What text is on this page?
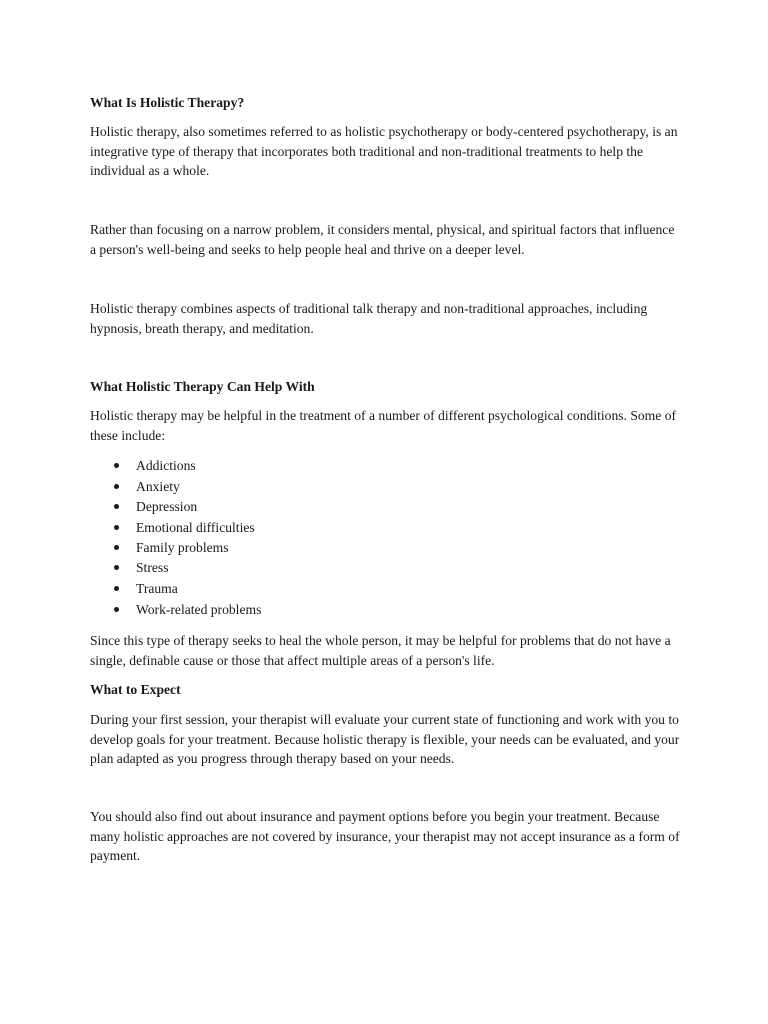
What Is Holistic Therapy?

Holistic therapy, also sometimes referred to as holistic psychotherapy or body-centered psychotherapy, is an integrative type of therapy that incorporates both traditional and non-traditional treatments to help the individual as a whole.

Rather than focusing on a narrow problem, it considers mental, physical, and spiritual factors that influence a person's well-being and seeks to help people heal and thrive on a deeper level.

Holistic therapy combines aspects of traditional talk therapy and non-traditional approaches, including hypnosis, breath therapy, and meditation.

What Holistic Therapy Can Help With

Holistic therapy may be helpful in the treatment of a number of different psychological conditions. Some of these include:

Addictions
Anxiety
Depression
Emotional difficulties
Family problems
Stress
Trauma
Work-related problems

Since this type of therapy seeks to heal the whole person, it may be helpful for problems that do not have a single, definable cause or those that affect multiple areas of a person's life.

What to Expect

During your first session, your therapist will evaluate your current state of functioning and work with you to develop goals for your treatment. Because holistic therapy is flexible, your needs can be evaluated, and your plan adapted as you progress through therapy based on your needs.

You should also find out about insurance and payment options before you begin your treatment. Because many holistic approaches are not covered by insurance, your therapist may not accept insurance as a form of payment.
